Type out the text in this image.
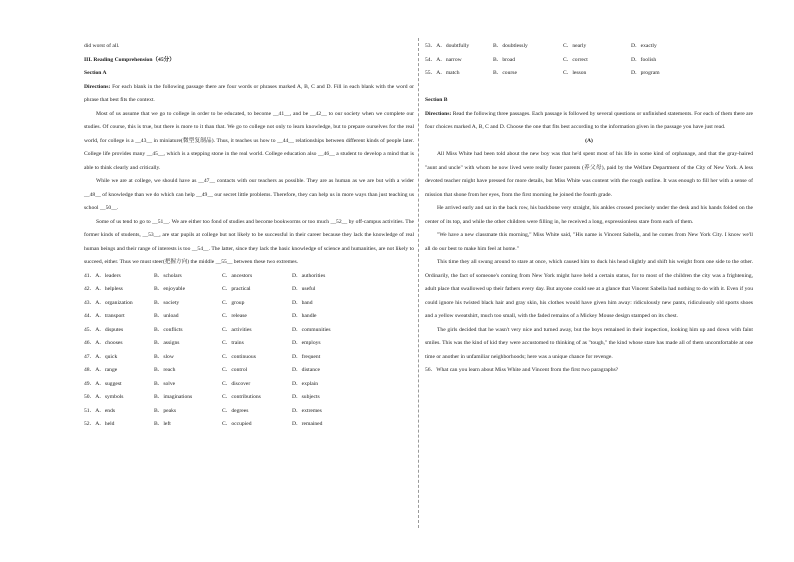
did worst of all.

III. Reading Comprehension（45分）

Section A

Directions: For each blank in the following passage there are four words or phrases marked A, B, C and D. Fill in each blank with the word or phrase that best fits the context.

Most of us assume that we go to college in order to be educated, to become __41__, and be __42__ to our society when we complete our studies. Of course, this is true, but there is more to it than that. We go to college not only to learn knowledge, but to prepare ourselves for the real world, for college is a __43__ in miniature(微型复制品). Thus, it teaches us how to __44__ relationships between different kinds of people later. College life provides many __45__, which is a stepping stone in the real world. College education also __46__ a student to develop a mind that is able to think clearly and critically.

While we are at college, we should have as __47__ contacts with our teachers as possible. They are as human as we are but with a wider __48__ of knowledge than we do which can help __49__ our secret little problems. Therefore, they can help us in more ways than just teaching us school __50__.

Some of us tend to go to __51__. We are either too fond of studies and become bookworms or too much __52__ by off-campus activities. The former kinds of students, __53__, are star pupils at college but not likely to be successful in their career because they lack the knowledge of real human beings and their range of interests is too __54__. The latter, since they lack the basic knowledge of science and humanities, are not likely to succeed, either. Thus we must steer(把握方向) the middle __55__ between these two extremes.

41．A．leaders	B．scholars	C．ancestors	D．authorities
42．A．helpless	B．enjoyable	C．practical	D．useful
43．A．organization	B．society	C．group	D．band
44．A．transport	B．unload	C．release	D．handle
45．A．disputes	B．conflicts	C．activities	D．communities
46．A．chooses	B．assigns	C．trains	D．employs
47．A．quick	B．slow	C．continuous	D．frequent
48．A．range	B．reach	C．control	D．distance
49．A．suggest	B．solve	C．discover	D．explain
50．A．symbols	B．imaginations	C．contributions	D．subjects
51．A．ends	B．peaks	C．degrees	D．extremes
52．A．held	B．left	C．occupied	D．remained
53．A．doubtfully	B．doubtlessly	C．nearly	D．exactly
54．A．narrow	B．broad	C．correct	D．foolish
55．A．match	B．course	C．lesson	D．program

Section B

Directions: Read the following three passages. Each passage is followed by several questions or unfinished statements. For each of them there are four choices marked A, B, C and D. Choose the one that fits best according to the information given in the passage you have just read.

(A)

All Miss White had been told about the new boy was that he'd spent most of his life in some kind of orphanage, and that the gray-haired "aunt and uncle" with whom he now lived were really foster parents (养父母), paid by the Welfare Department of the City of New York. A less devoted teacher might have pressed for more details, but Miss White was content with the rough outline. It was enough to fill her with a sense of mission that shone from her eyes, from the first morning he joined the fourth grade.

He arrived early and sat in the back row, his backbone very straight, his ankles crossed precisely under the desk and his hands folded on the center of its top, and while the other children were filling in, he received a long, expressionless stare from each of them.

"We have a new classmate this morning," Miss White said, "His name is Vincent Sabella, and he comes from New York City. I know we'll all do our best to make him feel at home."

This time they all swung around to stare at once, which caused him to duck his head slightly and shift his weight from one side to the other. Ordinarily, the fact of someone's coming from New York might have held a certain status, for to most of the children the city was a frightening, adult place that swallowed up their fathers every day. But anyone could see at a glance that Vincent Sabella had nothing to do with it. Even if you could ignore his twisted black hair and gray skin, his clothes would have given him away: ridiculously new pants, ridiculously old sports shoes and a yellow sweatshirt, much too small, with the faded remains of a Mickey Mouse design stamped on its chest.

The girls decided that he wasn't very nice and turned away, but the boys remained in their inspection, looking him up and down with faint smiles. This was the kind of kid they were accustomed to thinking of as "tough," the kind whose stare has made all of them uncomfortable at one time or another in unfamiliar neighborhoods; here was a unique chance for revenge.

56．What can you learn about Miss White and Vincent from the first two paragraphs?
